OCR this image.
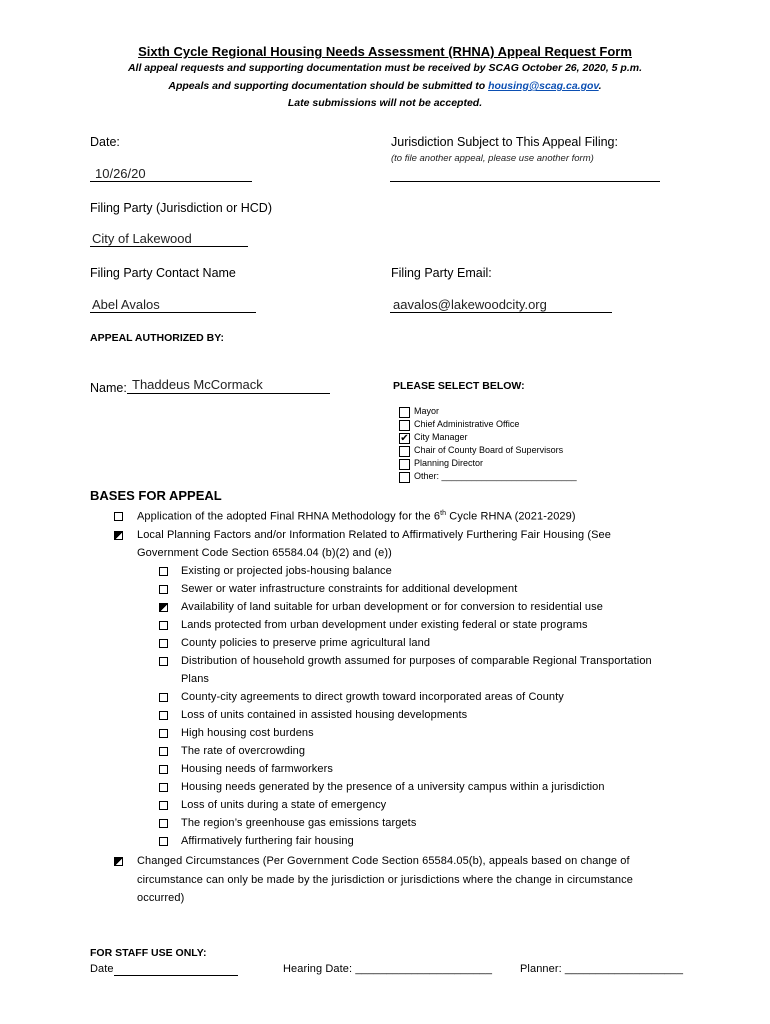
Sixth Cycle Regional Housing Needs Assessment (RHNA) Appeal Request Form
All appeal requests and supporting documentation must be received by SCAG October 26, 2020, 5 p.m.
Appeals and supporting documentation should be submitted to housing@scag.ca.gov.
Late submissions will not be accepted.
Date:	Jurisdiction Subject to This Appeal Filing:
(to file another appeal, please use another form)
10/26/20
Filing Party (Jurisdiction or HCD)
City of Lakewood
Filing Party Contact Name	Filing Party Email:
Abel Avalos	aavalos@lakewoodcity.org
APPEAL AUTHORIZED BY:
Name: Thaddeus McCormack	PLEASE SELECT BELOW:
Mayor
Chief Administrative Office
✔ City Manager
Chair of County Board of Supervisors
Planning Director
Other: ___________________________
BASES FOR APPEAL
Application of the adopted Final RHNA Methodology for the 6th Cycle RHNA (2021-2029)
Local Planning Factors and/or Information Related to Affirmatively Furthering Fair Housing (See
Government Code Section 65584.04 (b)(2) and (e))
Existing or projected jobs-housing balance
Sewer or water infrastructure constraints for additional development
Availability of land suitable for urban development or for conversion to residential use
Lands protected from urban development under existing federal or state programs
County policies to preserve prime agricultural land
Distribution of household growth assumed for purposes of comparable Regional Transportation
Plans
County-city agreements to direct growth toward incorporated areas of County
Loss of units contained in assisted housing developments
High housing cost burdens
The rate of overcrowding
Housing needs of farmworkers
Housing needs generated by the presence of a university campus within a jurisdiction
Loss of units during a state of emergency
The region’s greenhouse gas emissions targets
Affirmatively furthering fair housing
Changed Circumstances (Per Government Code Section 65584.05(b), appeals based on change of
circumstance can only be made by the jurisdiction or jurisdictions where the change in circumstance
occurred)
FOR STAFF USE ONLY:
Date	Hearing Date: ______________________	Planner: ___________________
